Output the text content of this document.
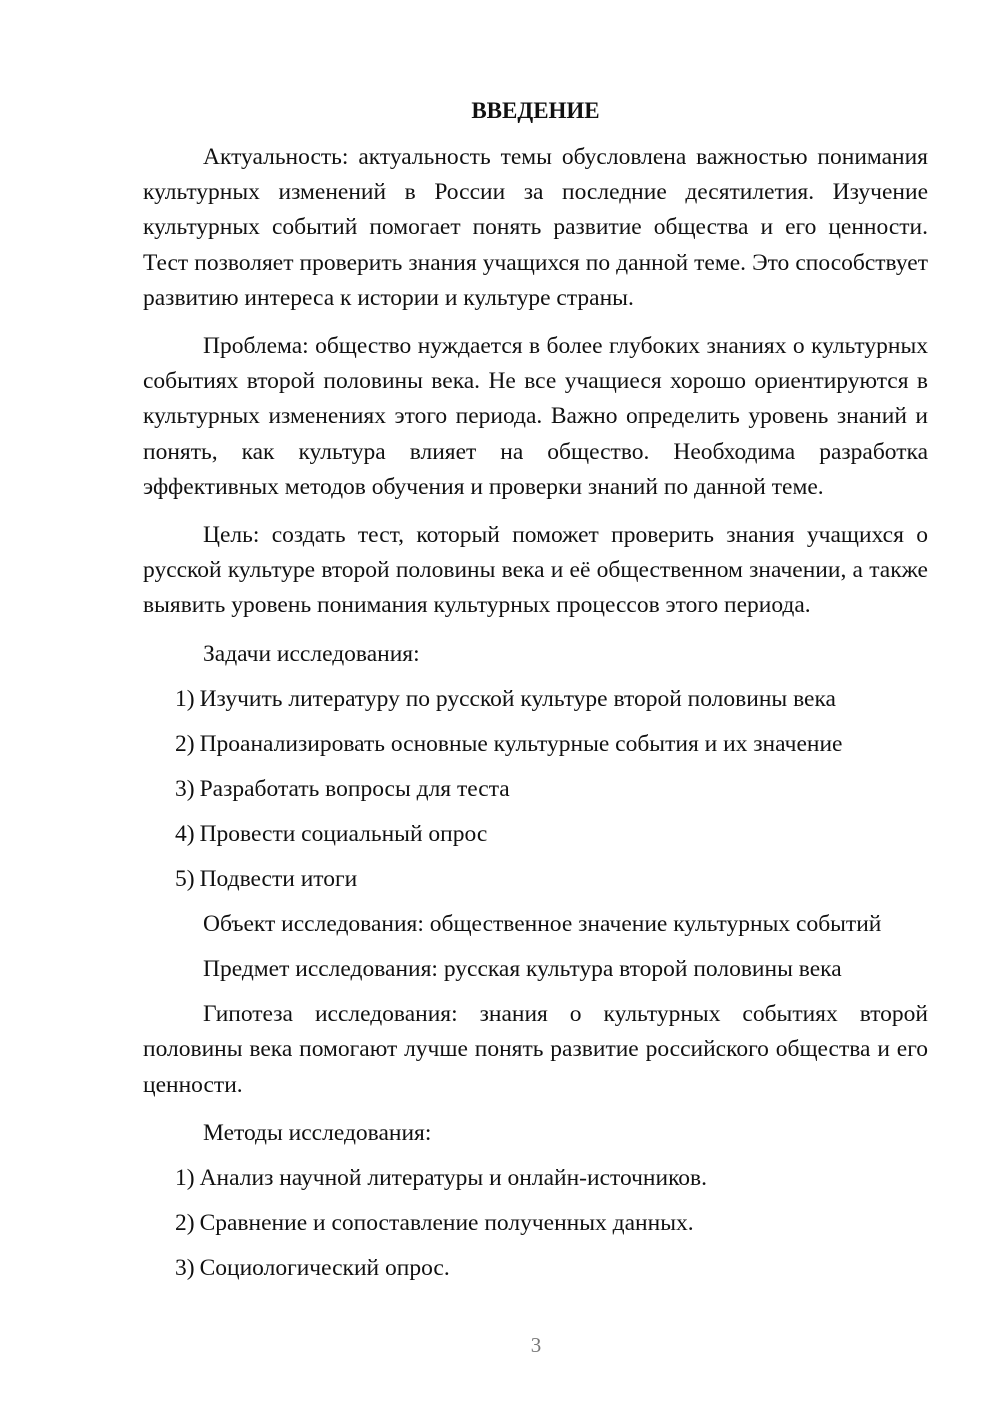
ВВЕДЕНИЕ

Актуальность: актуальность темы обусловлена важностью понимания культурных изменений в России за последние десятилетия. Изучение культурных событий помогает понять развитие общества и его ценности. Тест позволяет проверить знания учащихся по данной теме. Это способствует развитию интереса к истории и культуре страны.

Проблема: общество нуждается в более глубоких знаниях о культурных событиях второй половины века. Не все учащиеся хорошо ориентируются в культурных изменениях этого периода. Важно определить уровень знаний и понять, как культура влияет на общество. Необходима разработка эффективных методов обучения и проверки знаний по данной теме.

Цель: создать тест, который поможет проверить знания учащихся о русской культуре второй половины века и её общественном значении, а также выявить уровень понимания культурных процессов этого периода.

Задачи исследования:

1) Изучить литературу по русской культуре второй половины века
2) Проанализировать основные культурные события и их значение
3) Разработать вопросы для теста
4) Провести социальный опрос
5) Подвести итоги

Объект исследования: общественное значение культурных событий

Предмет исследования: русская культура второй половины века

Гипотеза исследования: знания о культурных событиях второй половины века помогают лучше понять развитие российского общества и его ценности.

Методы исследования:

1) Анализ научной литературы и онлайн-источников.
2) Сравнение и сопоставление полученных данных.
3) Социологический опрос.
3
